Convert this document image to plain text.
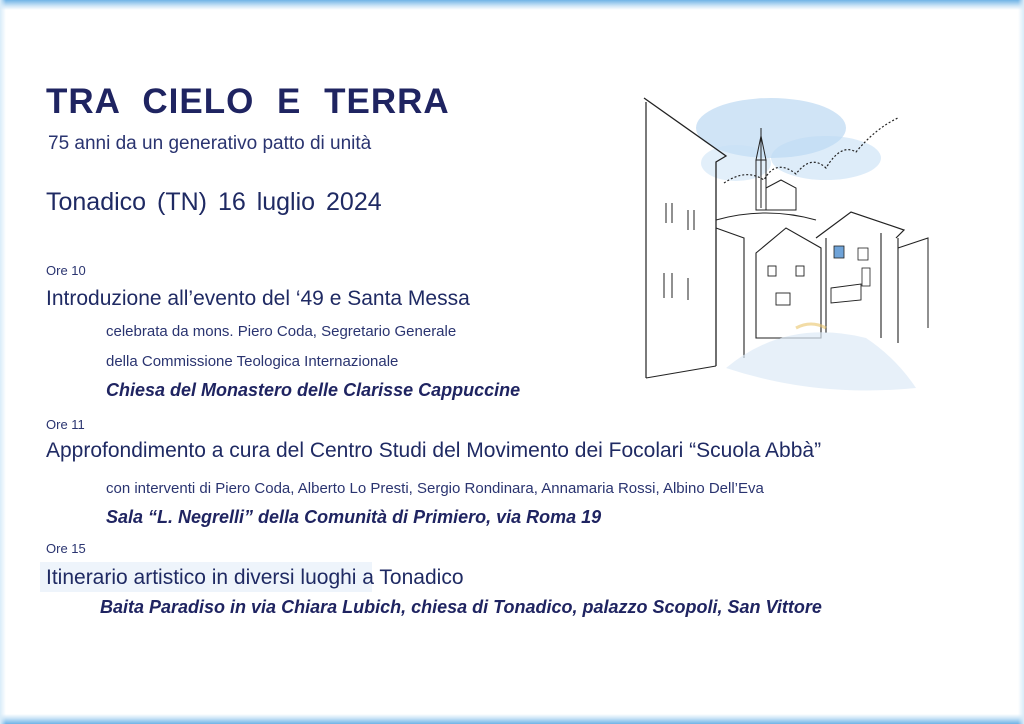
TRA CIELO E TERRA
75 anni da un generativo patto di unità
Tonadico (TN) 16 luglio 2024
Ore 10
Introduzione all’evento del ‘49 e Santa Messa
celebrata da mons. Piero Coda, Segretario Generale
della Commissione Teologica Internazionale
Chiesa del Monastero delle Clarisse Cappuccine
Ore 11
Approfondimento a cura del Centro Studi del Movimento dei Focolari “Scuola Abbà”
con interventi di Piero Coda, Alberto Lo Presti, Sergio Rondinara, Annamaria Rossi, Albino Dell’Eva
Sala “L. Negrelli” della Comunità di Primiero, via Roma 19
Ore 15
Itinerario artistico in diversi luoghi a Tonadico
Baita Paradiso in via Chiara Lubich, chiesa di Tonadico, palazzo Scopoli, San Vittore
